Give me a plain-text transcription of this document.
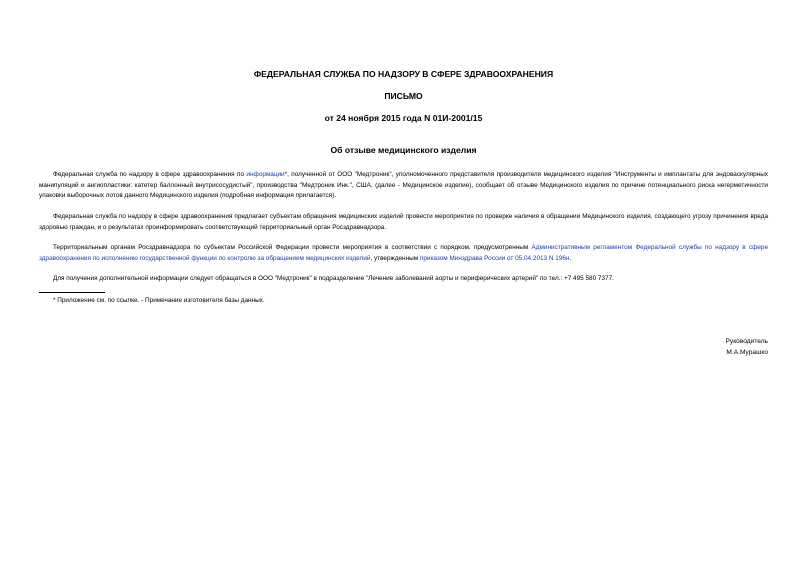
ФЕДЕРАЛЬНАЯ СЛУЖБА ПО НАДЗОРУ В СФЕРЕ ЗДРАВООХРАНЕНИЯ

ПИСЬМО

от 24 ноября 2015 года N 01И-2001/15

Об отзыве медицинского изделия

Федеральная служба по надзору в сфере здравоохранения по информации*, полученной от ООО "Медтроник", уполномоченного представителя производителя медицинского изделия "Инструменты и имплантаты для эндоваскулярных манипуляций и ангиопластики: катетер баллонный внутрисосудистый", производства "Медтроник Инк.", США, (далее - Медицинское изделие), сообщает об отзыве Медицинского изделия по причине потенциального риска негерметичности упаковки выборочных лотов данного Медицинского изделия (подробная информация прилагается).

Федеральная служба по надзору в сфере здравоохранения предлагает субъектам обращения медицинских изделий провести мероприятия по проверке наличия в обращении Медицинского изделия, создающего угрозу причинения вреда здоровью граждан, и о результатах проинформировать соответствующий территориальный орган Росздравнадзора.

Территориальным органам Росздравнадзора по субъектам Российской Федерации провести мероприятия в соответствии с порядком, предусмотренным Административным регламентом Федеральной службы по надзору в сфере здравоохранения по исполнению государственной функции по контролю за обращением медицинских изделий, утвержденным приказом Минздрава России от 05.04.2013 N 196н.

Для получения дополнительной информации следует обращаться в ООО "Медтроник" в подразделение "Лечение заболеваний аорты и периферических артерий" по тел.: +7 495 580 7377.

* Приложение см. по ссылке. - Примечание изготовителя базы данных.

Руководитель

М.А.Мурашко
